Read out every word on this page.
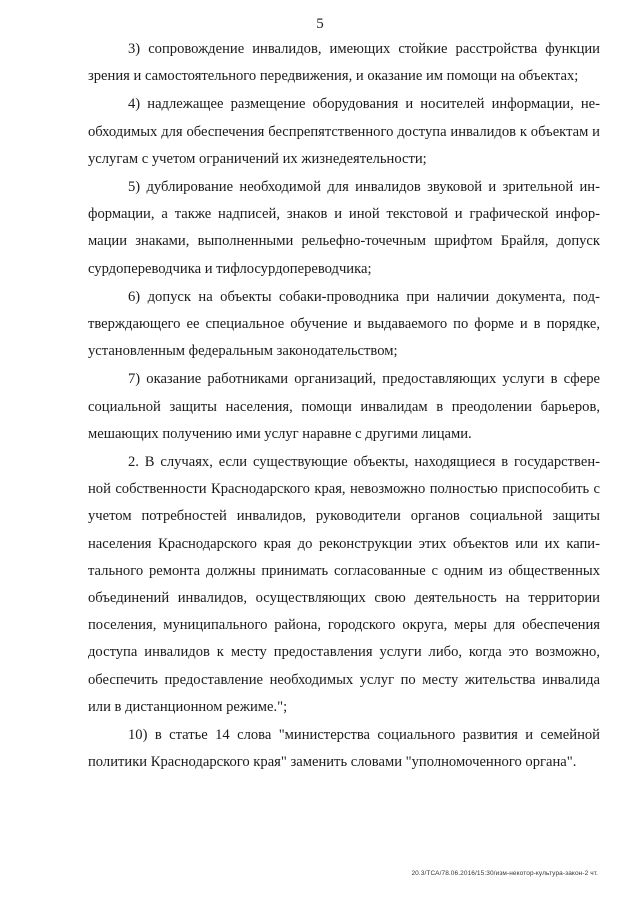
5

3) сопровождение инвалидов, имеющих стойкие расстройства функции зрения и самостоятельного передвижения, и оказание им помощи на объектах;

4) надлежащее размещение оборудования и носителей информации, необходимых для обеспечения беспрепятственного доступа инвалидов к объектам и услугам с учетом ограничений их жизнедеятельности;

5) дублирование необходимой для инвалидов звуковой и зрительной информации, а также надписей, знаков и иной текстовой и графической информации знаками, выполненными рельефно-точечным шрифтом Брайля, допуск сурдопереводчика и тифлосурдопереводчика;

6) допуск на объекты собаки-проводника при наличии документа, подтверждающего ее специальное обучение и выдаваемого по форме и в порядке, установленным федеральным законодательством;

7) оказание работниками организаций, предоставляющих услуги в сфере социальной защиты населения, помощи инвалидам в преодолении барьеров, мешающих получению ими услуг наравне с другими лицами.

2. В случаях, если существующие объекты, находящиеся в государственной собственности Краснодарского края, невозможно полностью приспособить с учетом потребностей инвалидов, руководители органов социальной защиты населения Краснодарского края до реконструкции этих объектов или их капитального ремонта должны принимать согласованные с одним из общественных объединений инвалидов, осуществляющих свою деятельность на территории поселения, муниципального района, городского округа, меры для обеспечения доступа инвалидов к месту предоставления услуги либо, когда это возможно, обеспечить предоставление необходимых услуг по месту жительства инвалида или в дистанционном режиме.";

10) в статье 14 слова "министерства социального развития и семейной политики Краснодарского края" заменить словами "уполномоченного органа".

20.3/ТСА/78.06.2016/15:30/изм-некотор-культура-закон-2 чт.
